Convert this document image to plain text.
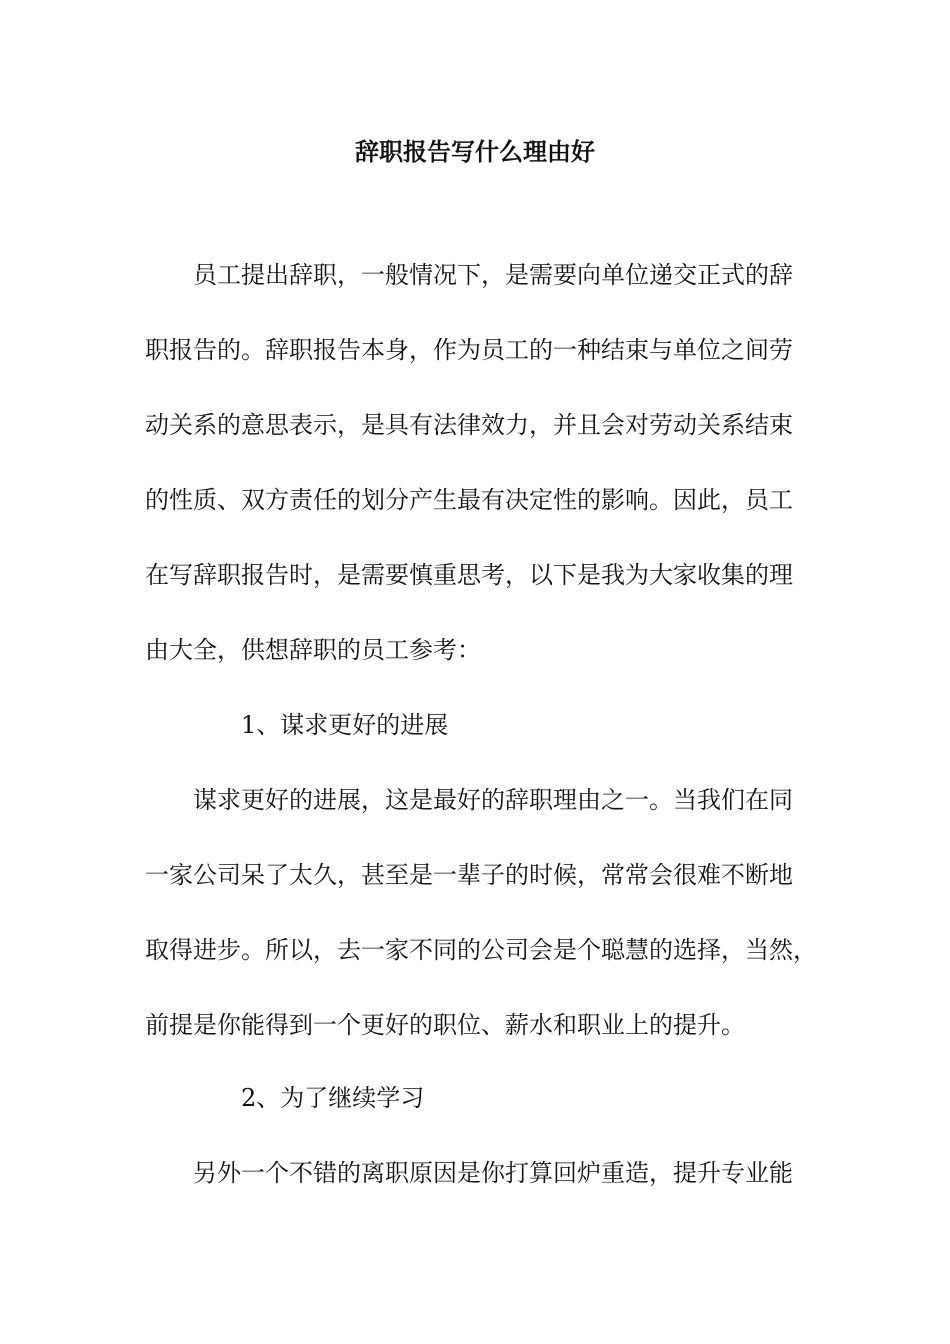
辞职报告写什么理由好
员工提出辞职，一般情况下，是需要向单位递交正式的辞
职报告的。辞职报告本身，作为员工的一种结束与单位之间劳
动关系的意思表示，是具有法律效力，并且会对劳动关系结束
的性质、双方责任的划分产生最有决定性的影响。因此，员工
在写辞职报告时，是需要慎重思考，以下是我为大家收集的理
由大全，供想辞职的员工参考：
1、谋求更好的进展
谋求更好的进展，这是最好的辞职理由之一。当我们在同
一家公司呆了太久，甚至是一辈子的时候，常常会很难不断地
取得进步。所以，去一家不同的公司会是个聪慧的选择，当然，
前提是你能得到一个更好的职位、薪水和职业上的提升。
2、为了继续学习
另外一个不错的离职原因是你打算回炉重造，提升专业能
